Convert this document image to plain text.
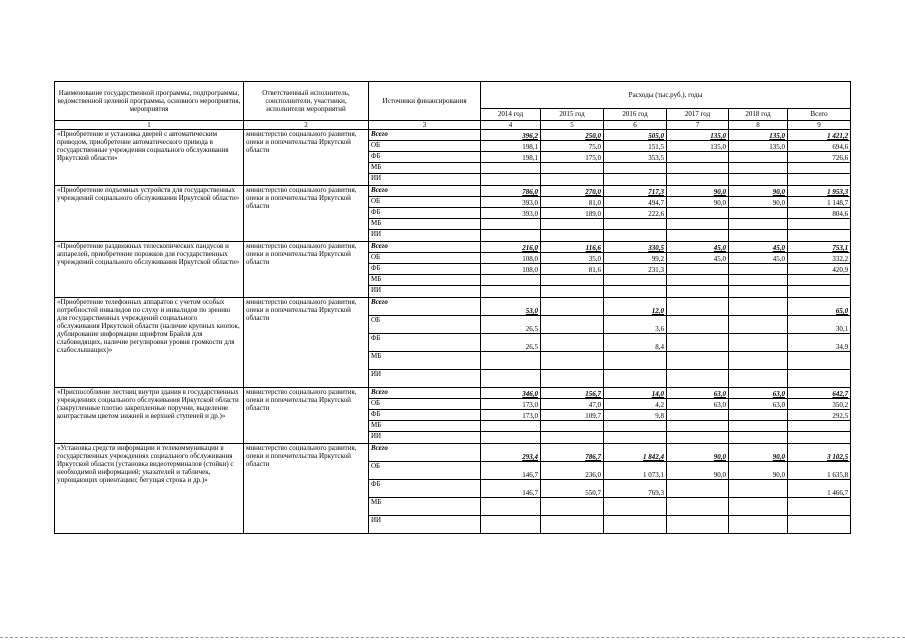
Наименование государственной программы, подпрограммы, ведомственной целевой программы, основного мероприятия, мероприятия	Ответственный исполнитель, соисполнители, участники, исполнители мероприятий	Источники финансирования	Расходы (тыс.руб.), годы					
			2014 год	2015 год	2016 год	2017 год	2018 год	Всего
1	2	3	4	5	6	7	8	9
«Приобретение и установка дверей с автоматическим приводом, приобретение автоматического привода в государственные учреждения социального обслуживания Иркутской области»	министерство социального развития, опеки и попечительства Иркутской области	Всего	396,2	250,0	505,0	135,0	135,0	1 421,2
		ОБ	198,1	75,0	151,5	135,0	135,0	694,6
		ФБ	198,1	175,0	353,5			726,6
		МБ						
		ИИ						
«Приобретение подъемных устройств для государственных учреждений социального обслуживания Иркутской области»	министерство социального развития, опеки и попечительства Иркутской области	Всего	786,0	270,0	717,3	90,0	90,0	1 953,3
		ОБ	393,0	81,0	494,7	90,0	90,0	1 148,7
		ФБ	393,0	189,0	222,6			804,6
		МБ						
		ИИ						
«Приобретение раздвижных телескопических пандусов и аппарелей, приобретение порожков для государственных учреждений социального обслуживания Иркутской области»	министерство социального развития, опеки и попечительства Иркутской области	Всего	216,0	116,6	330,5	45,0	45,0	753,1
		ОБ	108,0	35,0	99,2	45,0	45,0	332,2
		ФБ	108,0	81,6	231,3			420,9
		МБ						
		ИИ						
«Приобретение телефонных аппаратов с учетом особых потребностей инвалидов по слуху и инвалидов по зрению для государственных учреждений социального обслуживания Иркутской области (наличие крупных кнопок, дублирование информации шрифтом Брайля для слабовидящих, наличие регулировки уровня громкости для слабослышащих)»	министерство социального развития, опеки и попечительства Иркутской области	Всего	53,0		12,0			65,0
		ОБ	26,5		3,6			30,1
		ФБ	26,5		8,4			34,9
		МБ						
		ИИ						
«Приспособление лестниц внутри здания в государственных учреждениях социального обслуживания Иркутской области (закругленные плотно закрепленные поручни, выделение контрастным цветом нижней и верхней ступеней и др.)»	министерство социального развития, опеки и попечительства Иркутской области	Всего	346,0	156,7	14,0	63,0	63,0	642,7
		ОБ	173,0	47,0	4,2	63,0	63,0	350,2
		ФБ	173,0	109,7	9,8			292,5
		МБ						
		ИИ						
«Установка средств информации и телекоммуникации в государственных учреждениях социального обслуживания Иркутской области (установка видеотерминалов (стойки) с необходимой информацией; указателей и табличек, упрощающих ориентацию; бегущая строка и др.)»	министерство социального развития, опеки и попечительства Иркутской области	Всего	293,4	786,7	1 842,4	90,0	90,0	3 102,5
		ОБ	146,7	236,0	1 073,1	90,0	90,0	1 635,8
		ФБ	146,7	550,7	769,3			1 466,7
		МБ						
		ИИ						
